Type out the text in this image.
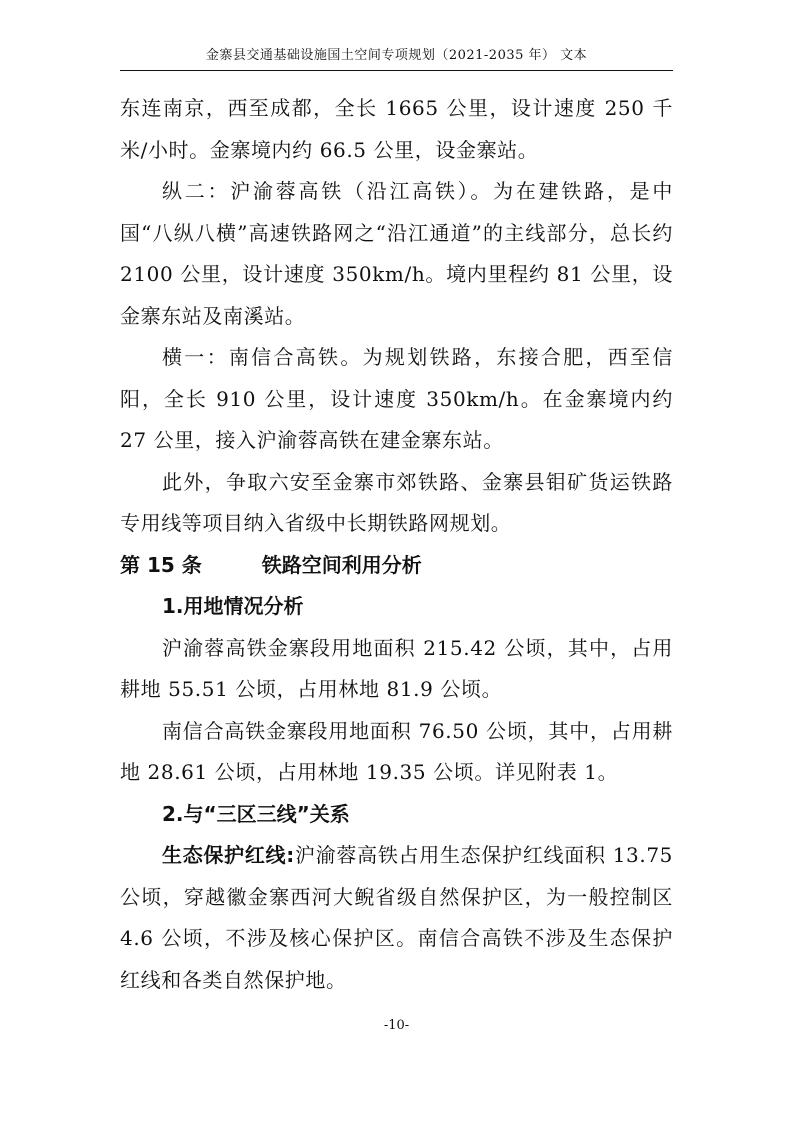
金寨县交通基础设施国土空间专项规划（2021-2035 年） 文本

东连南京，西至成都，全长 1665 公里，设计速度 250 千米/小时。金寨境内约 66.5 公里，设金寨站。

纵二：沪渝蓉高铁（沿江高铁）。为在建铁路，是中国“八纵八横”高速铁路网之“沿江通道”的主线部分，总长约 2100 公里，设计速度 350km/h。境内里程约 81 公里，设金寨东站及南溪站。

横一：南信合高铁。为规划铁路，东接合肥，西至信阳，全长 910 公里，设计速度 350km/h。在金寨境内约 27 公里，接入沪渝蓉高铁在建金寨东站。

此外，争取六安至金寨市郊铁路、金寨县钼矿货运铁路专用线等项目纳入省级中长期铁路网规划。

第 15 条	铁路空间利用分析

1.用地情况分析

沪渝蓉高铁金寨段用地面积 215.42 公顷，其中，占用耕地 55.51 公顷，占用林地 81.9 公顷。

南信合高铁金寨段用地面积 76.50 公顷，其中，占用耕地 28.61 公顷，占用林地 19.35 公顷。详见附表 1。

2.与“三区三线”关系

生态保护红线:沪渝蓉高铁占用生态保护红线面积 13.75 公顷，穿越徽金寨西河大鲵省级自然保护区，为一般控制区 4.6 公顷，不涉及核心保护区。南信合高铁不涉及生态保护红线和各类自然保护地。

-10-
